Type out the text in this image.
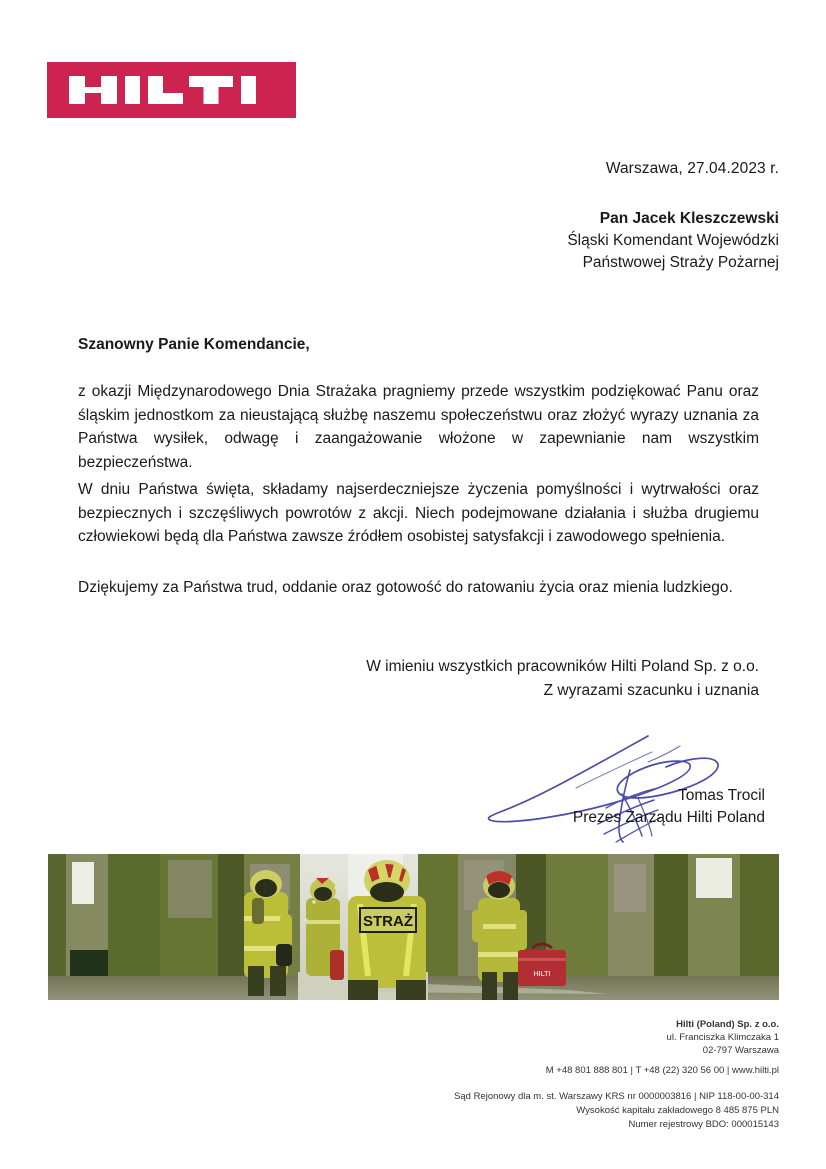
Warszawa, 27.04.2023 r.
Pan Jacek Kleszczewski
Śląski Komendant Wojewódzki
Państwowej Straży Pożarnej
Szanowny Panie Komendancie,
z okazji Międzynarodowego Dnia Strażaka pragniemy przede wszystkim podziękować Panu oraz śląskim jednostkom za nieustającą służbę naszemu społeczeństwu oraz złożyć wyrazy uznania za Państwa wysiłek, odwagę i zaangażowanie włożone w zapewnianie nam wszystkim bezpieczeństwa.
W dniu Państwa święta, składamy najserdeczniejsze życzenia pomyślności i wytrwałości oraz bezpiecznych i szczęśliwych powrotów z akcji. Niech podejmowane działania i służba drugiemu człowiekowi będą dla Państwa zawsze źródłem osobistej satysfakcji i zawodowego spełnienia.
Dziękujemy za Państwa trud, oddanie oraz gotowość do ratowaniu życia oraz mienia ludzkiego.
W imieniu wszystkich pracowników Hilti Poland Sp. z o.o.
Z wyrazami szacunku i uznania
Tomas Trocil
Prezes Zarządu Hilti Poland
STRAŻ
HILTI
Hilti (Poland) Sp. z o.o.
ul. Franciszka Klimczaka 1
02-797 Warszawa
M +48 801 888 801 | T +48 (22) 320 56 00 | www.hilti.pl
Sąd Rejonowy dla m. st. Warszawy KRS nr 0000003816 | NIP 118-00-00-314
Wysokość kapitału zakładowego 8 485 875 PLN
Numer rejestrowy BDO: 000015143
